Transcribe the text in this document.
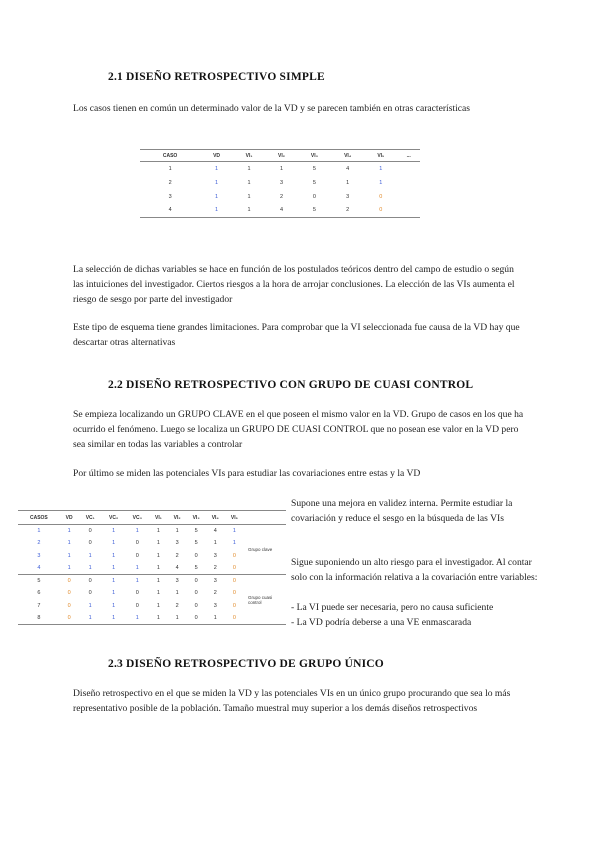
2.1 DISEÑO RETROSPECTIVO SIMPLE

Los casos tienen en común un determinado valor de la VD y se parecen también en otras características

CASO	VD	VI₁	VI₂	VI₃	VI₄	VI₅	...
1	1	1	1	5	4	1	
2	1	1	3	5	1	1	
3	1	1	2	0	3	0	
4	1	1	4	5	2	0	

La selección de dichas variables se hace en función de los postulados teóricos dentro del campo de estudio o según las intuiciones del investigador. Ciertos riesgos a la hora de arrojar conclusiones. La elección de las VIs aumenta el riesgo de sesgo por parte del investigador

Este tipo de esquema tiene grandes limitaciones. Para comprobar que la VI seleccionada fue causa de la VD hay que descartar otras alternativas

2.2 DISEÑO RETROSPECTIVO CON GRUPO DE CUASI CONTROL

Se empieza localizando un GRUPO CLAVE en el que poseen el mismo valor en la VD. Grupo de casos en los que ha ocurrido el fenómeno. Luego se localiza un GRUPO DE CUASI CONTROL que no posean ese valor en la VD pero sea similar en todas las variables a controlar

Por último se miden las potenciales VIs para estudiar las covariaciones entre estas y la VD

CASOS	VD	VC₁	VC₂	VC₃	VI₁	VI₂	VI₃	VI₄	VI₅	
1	1	0	1	1	1	1	5	4	1	Grupo clave
2	1	0	1	0	1	3	5	1	1	
3	1	1	1	0	1	2	0	3	0	
4	1	1	1	1	1	4	5	2	0	
5	0	0	1	1	1	3	0	3	0	Grupo cuasi control
6	0	0	1	0	1	1	0	2	0	
7	0	1	1	0	1	2	0	3	0	
8	0	1	1	1	1	1	0	1	0	

Supone una mejora en validez interna. Permite estudiar la covariación y reduce el sesgo en la búsqueda de las VIs

Sigue suponiendo un alto riesgo para el investigador. Al contar solo con la información relativa a la covariación entre variables:

- La VI puede ser necesaria, pero no causa suficiente

- La VD podría deberse a una VE enmascarada

2.3 DISEÑO RETROSPECTIVO DE GRUPO ÚNICO

Diseño retrospectivo en el que se miden la VD y las potenciales VIs en un único grupo procurando que sea lo más representativo posible de la población. Tamaño muestral muy superior a los demás diseños retrospectivos
